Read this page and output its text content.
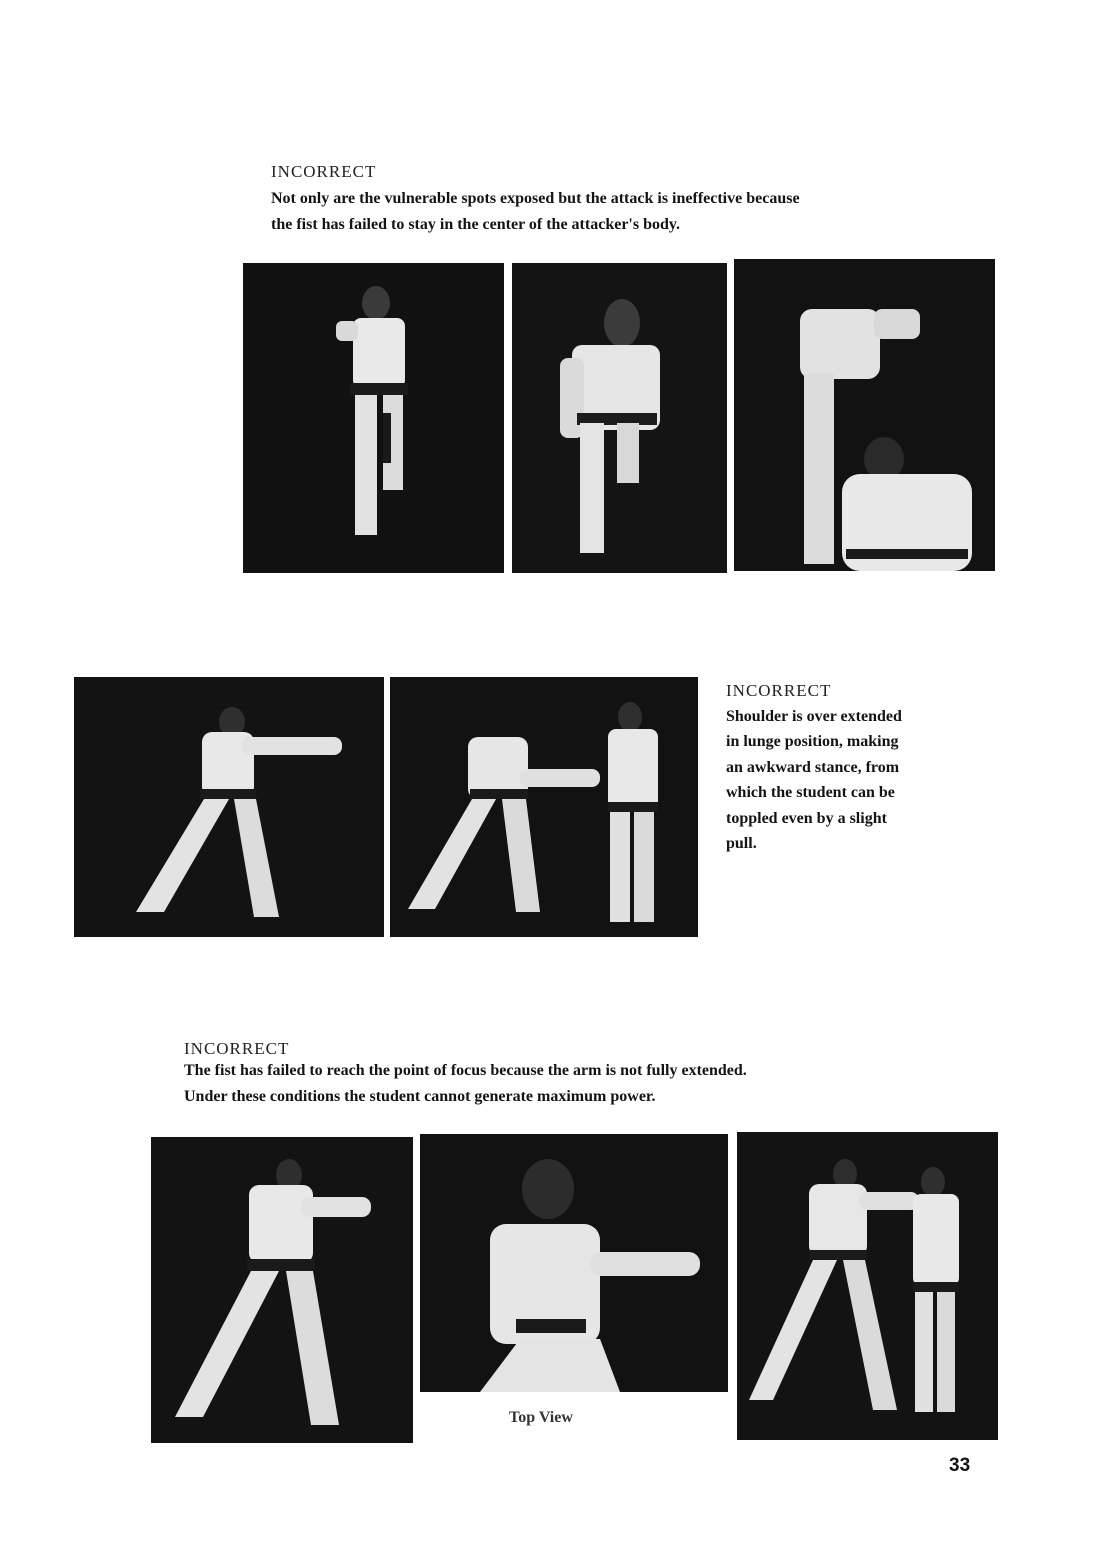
INCORRECT
Not only are the vulnerable spots exposed but the attack is ineffective because
the fist has failed to stay in the center of the attacker's body.
INCORRECT
Shoulder is over extended
in lunge position, making
an awkward stance, from
which the student can be
toppled even by a slight
pull.
INCORRECT
The fist has failed to reach the point of focus because the arm is not fully extended.
Under these conditions the student cannot generate maximum power.
Top View
33
